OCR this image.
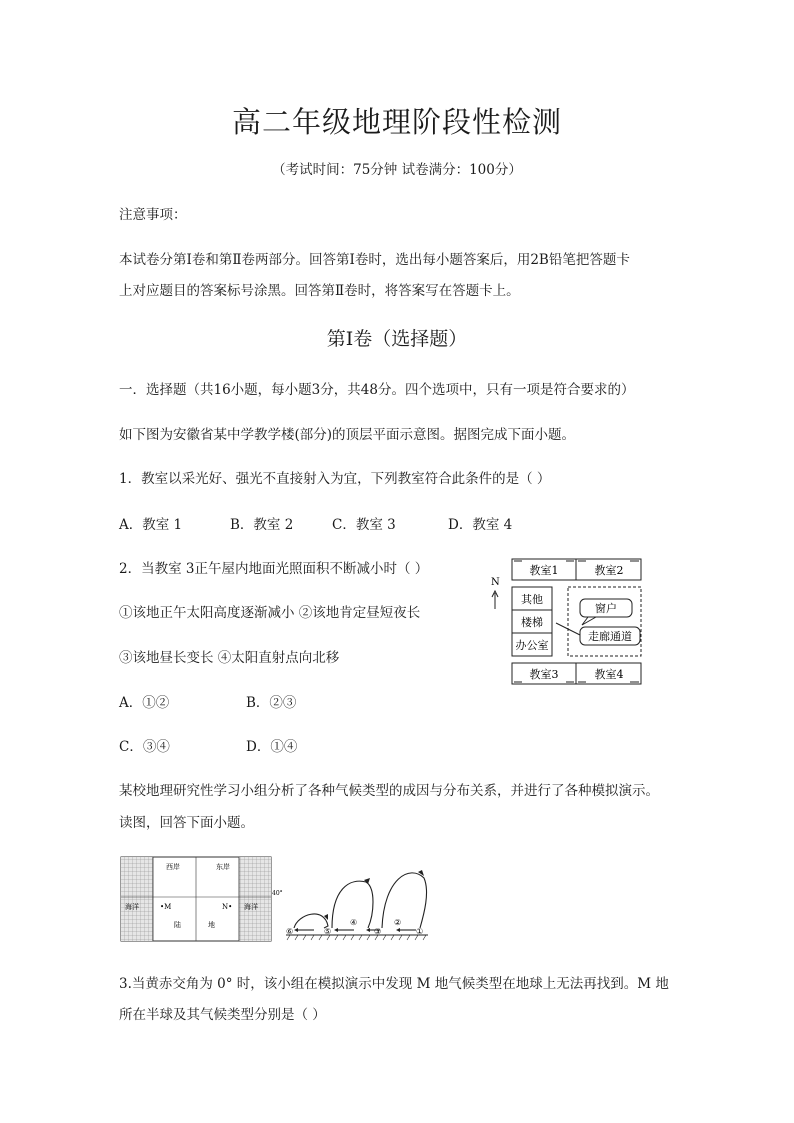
高二年级地理阶段性检测
（考试时间：75分钟 试卷满分：100分）
注意事项：
本试卷分第Ⅰ卷和第Ⅱ卷两部分。回答第Ⅰ卷时，选出每小题答案后，用2B铅笔把答题卡
上对应题目的答案标号涂黑。回答第Ⅱ卷时，将答案写在答题卡上。
第Ⅰ卷（选择题）
一．选择题（共16小题，每小题3分，共48分。四个选项中，只有一项是符合要求的）
如下图为安徽省某中学教学楼(部分)的顶层平面示意图。据图完成下面小题。
1．教室以采光好、强光不直接射入为宜，下列教室符合此条件的是（ ）
A．教室 1	B．教室 2	C．教室 3	D．教室 4
2．当教室 3正午屋内地面光照面积不断减小时（ ）
①该地正午太阳高度逐渐减小 ②该地肯定昼短夜长
③该地昼长变长 ④太阳直射点向北移
A．①②	B．②③
C．③④	D．①④
N
教室1	教室2
教室3	教室4
其他
楼梯
办公室
窗户
走廊通道
某校地理研究性学习小组分析了各种气候类型的成因与分布关系，并进行了各种模拟演示。
读图，回答下面小题。
西岸	东岸
海洋	海洋
•M	N•
陆	地
40°
⑥	⑤
④
③
②
①
3.当黄赤交角为 0° 时，该小组在模拟演示中发现 M 地气候类型在地球上无法再找到。M 地
所在半球及其气候类型分别是（ ）
